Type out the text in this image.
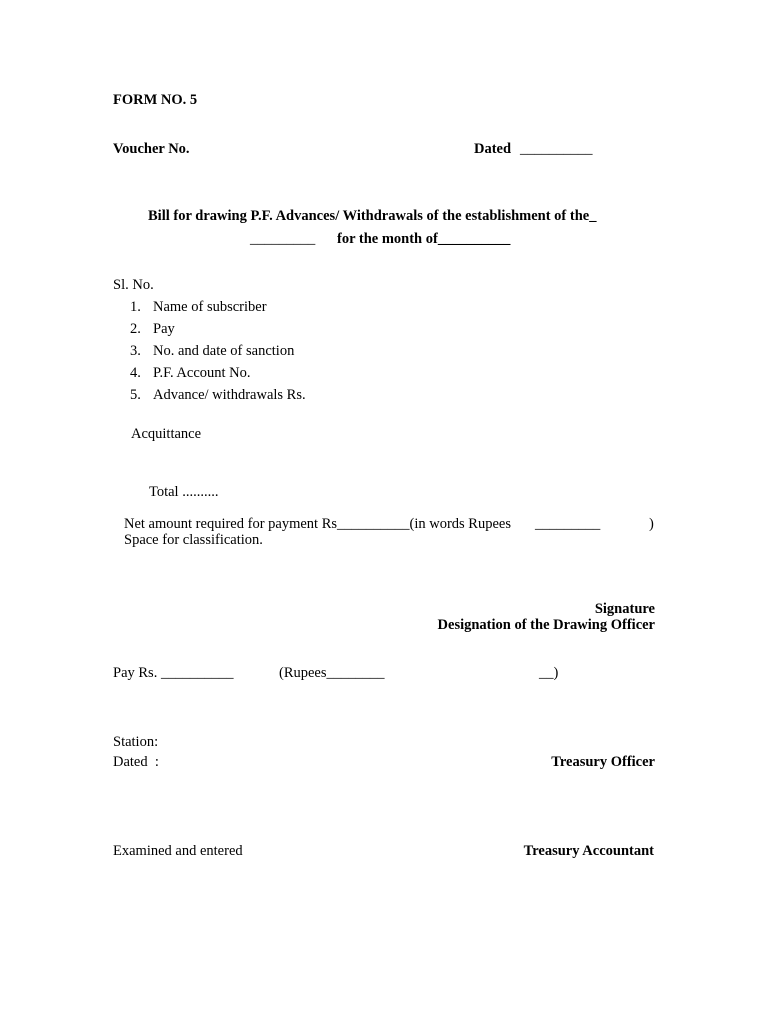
FORM NO. 5
Voucher No.	Dated __________
Bill for drawing P.F. Advances/ Withdrawals of the establishment of the_
_________ for the month of__________
Sl. No.
1. Name of subscriber
2. Pay
3. No. and date of sanction
4. P.F. Account No.
5. Advance/ withdrawals Rs.
Acquittance
Total ..........
Net amount required for payment Rs__________(in words Rupees _________	)
Space for classification.
Signature
Designation of the Drawing Officer
Pay Rs. __________	(Rupees________	__)
Station:
Dated  :	Treasury Officer
Examined and entered	Treasury Accountant
